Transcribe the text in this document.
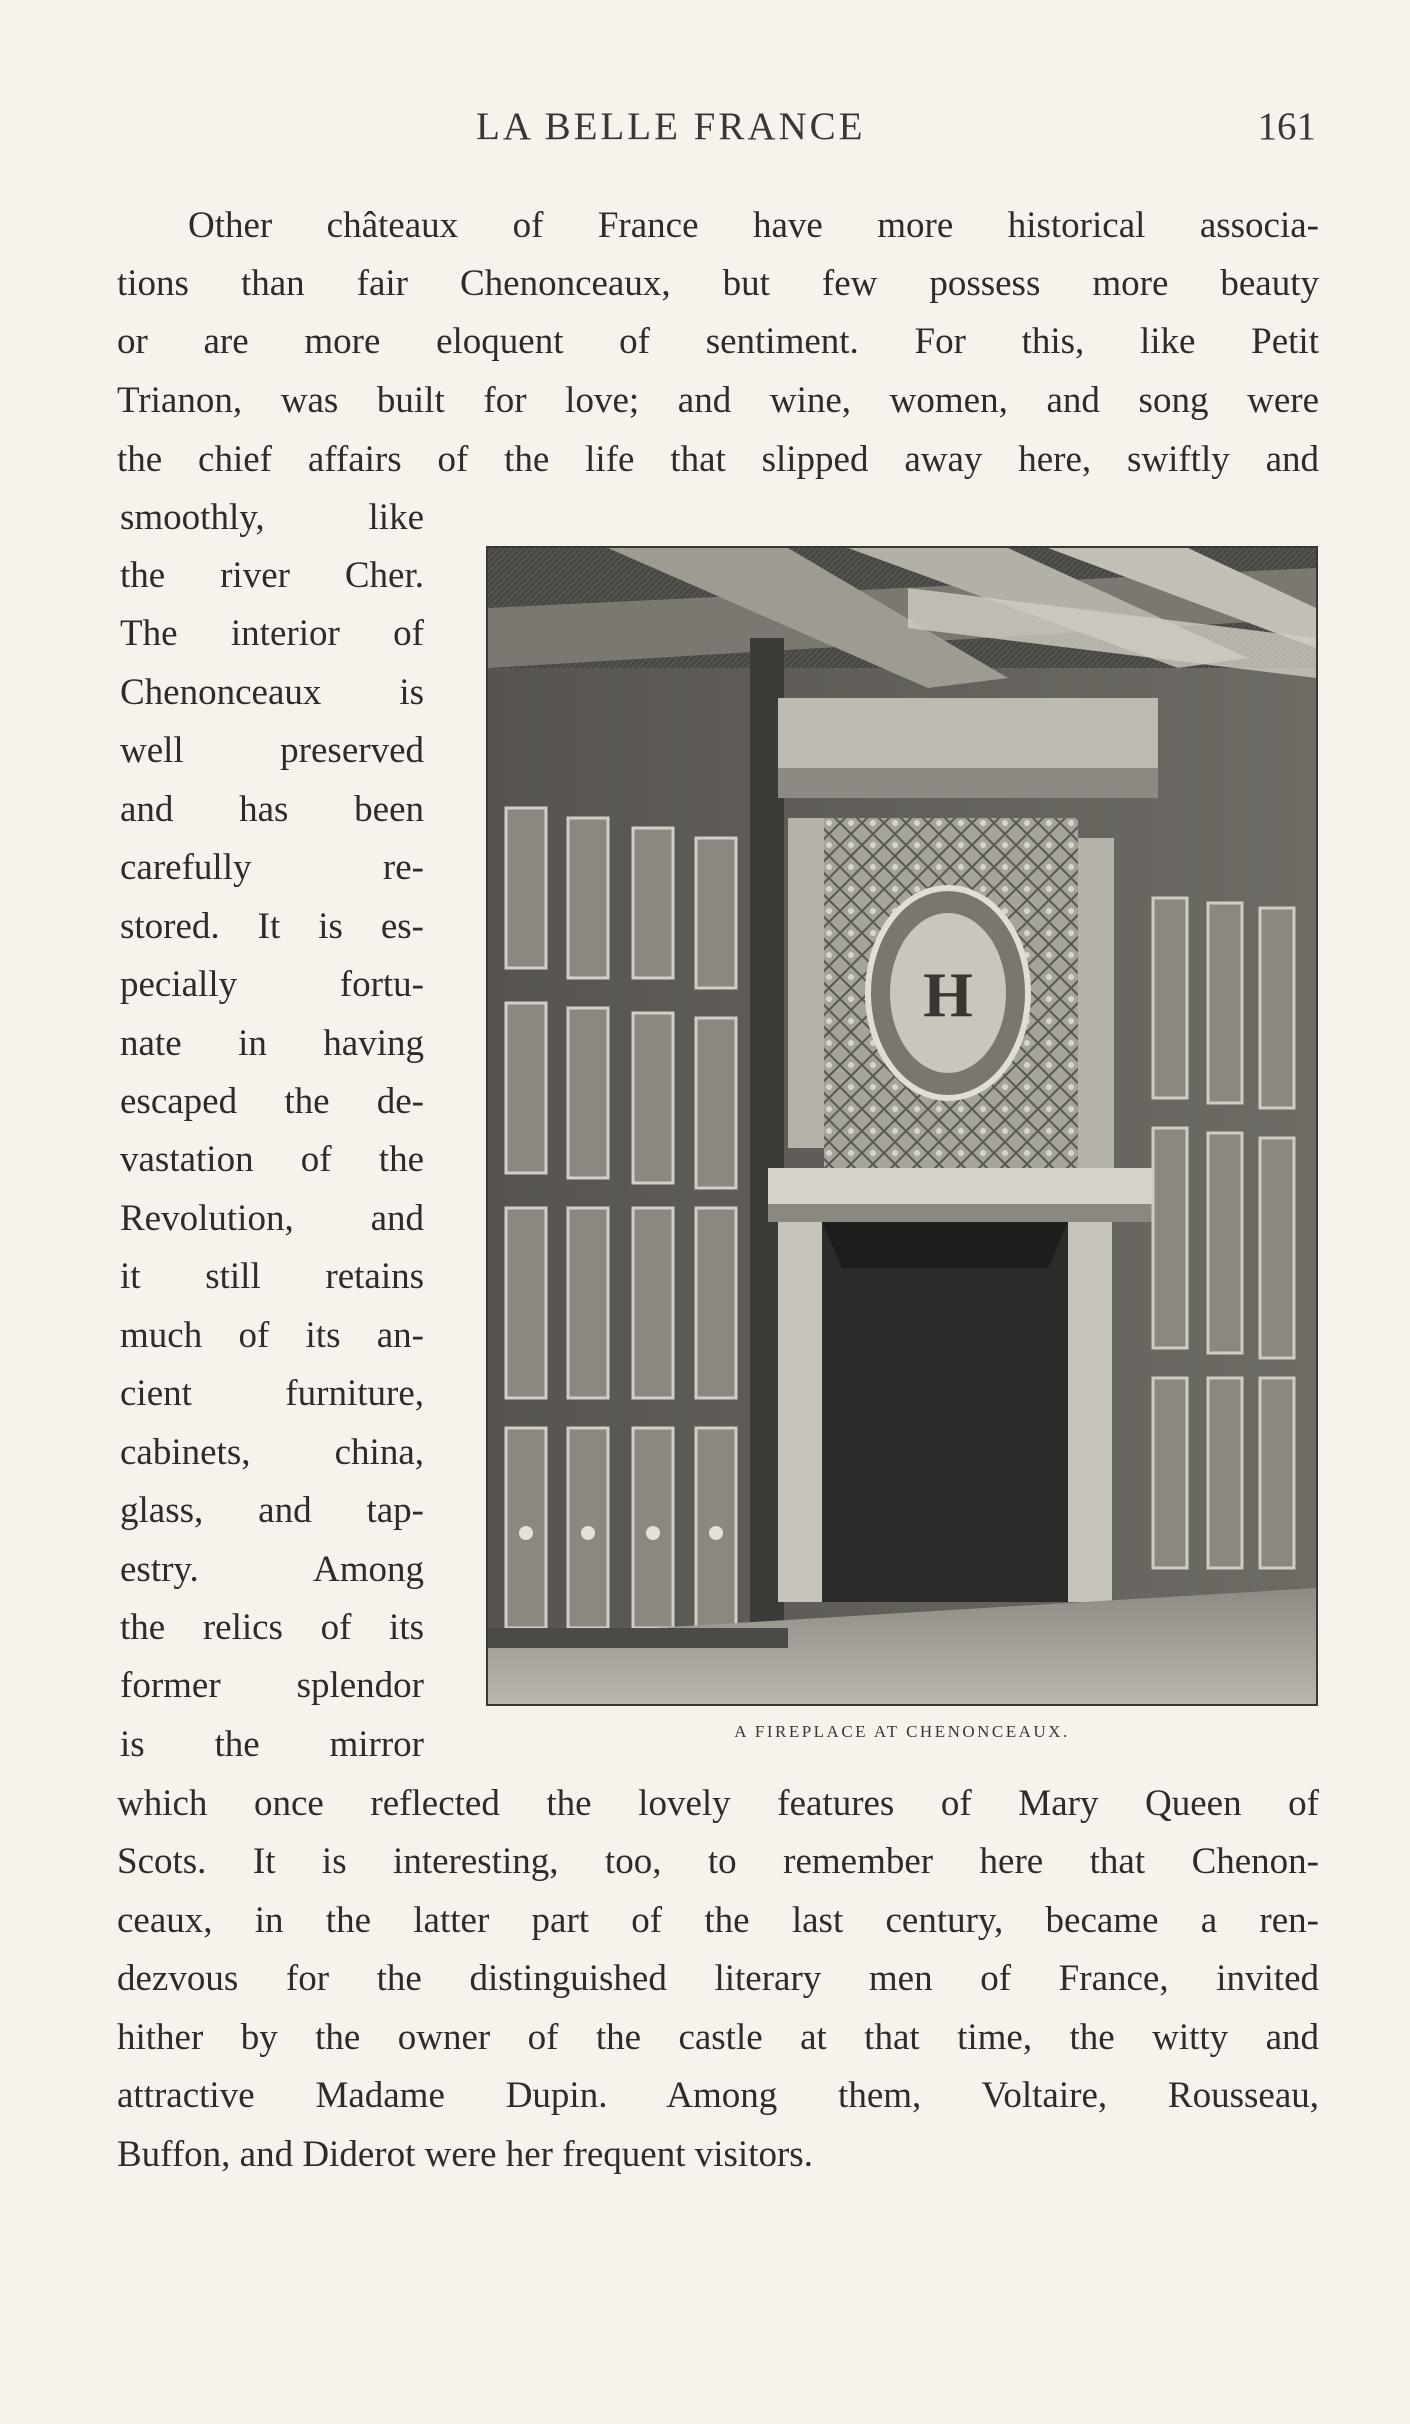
LA BELLE FRANCE	161
Other châteaux of France have more historical associa-
tions than fair Chenonceaux, but few possess more beauty
or are more eloquent of sentiment. For this, like Petit
Trianon, was built for love; and wine, women, and song were
the chief affairs of the life that slipped away here, swiftly and
smoothly, like
the river Cher.
The interior of
Chenonceaux is
well preserved
and has been
carefully re-
stored. It is es-
pecially fortu-
nate in having
escaped the de-
vastation of the
Revolution, and
it still retains
much of its an-
cient furniture,
cabinets, china,
glass, and tap-
estry. Among
the relics of its
former splendor
is the mirror
H
A FIREPLACE AT CHENONCEAUX.
which once reflected the lovely features of Mary Queen of
Scots. It is interesting, too, to remember here that Chenon-
ceaux, in the latter part of the last century, became a ren-
dezvous for the distinguished literary men of France, invited
hither by the owner of the castle at that time, the witty and
attractive Madame Dupin. Among them, Voltaire, Rousseau,
Buffon, and Diderot were her frequent visitors.
